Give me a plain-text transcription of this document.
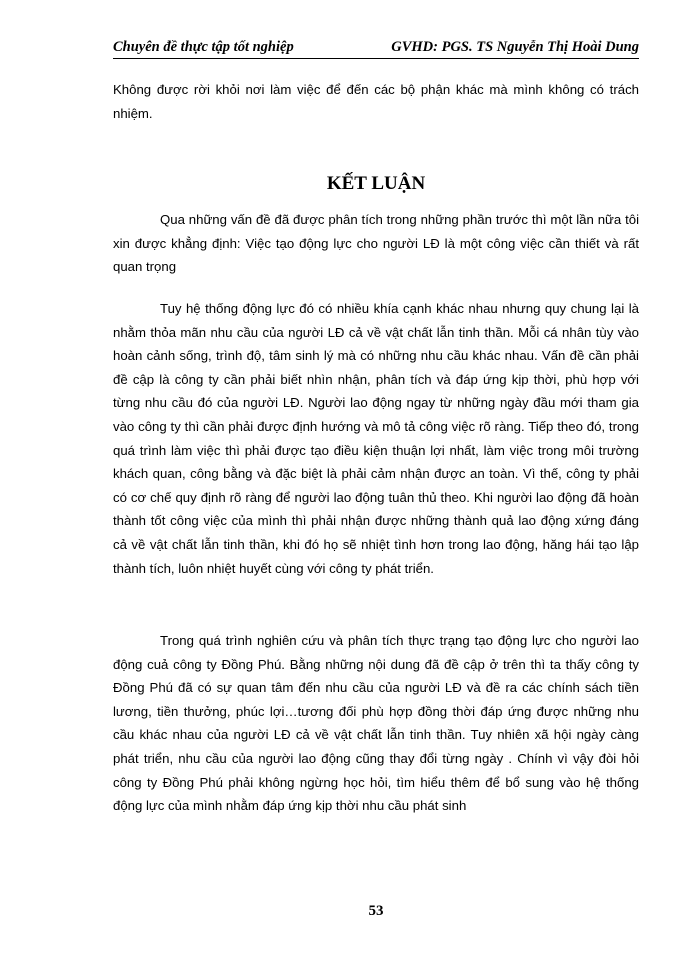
Chuyên đề thực tập tốt nghiệp	GVHD: PGS. TS Nguyễn Thị Hoài Dung

Không được rời khỏi nơi làm việc để đến các bộ phận khác mà mình không có trách nhiệm.

KẾT LUẬN

Qua những vấn đề đã được phân tích trong những phần trước thì một lần nữa tôi xin được khẳng định: Việc tạo động lực cho người LĐ là một công việc cần thiết và rất quan trọng

Tuy hệ thống động lực đó có nhiều khía cạnh khác nhau nhưng quy chung lại là nhằm thỏa mãn nhu cầu của người LĐ cả về vật chất lẫn tinh thần. Mỗi cá nhân tùy vào hoàn cảnh sống, trình độ, tâm sinh lý mà có những nhu cầu khác nhau. Vấn đề cần phải đề cập là công ty cần phải biết nhìn nhận, phân tích và đáp ứng kịp thời, phù hợp với từng nhu cầu đó của người LĐ. Người lao động ngay từ những ngày đầu mới tham gia vào công ty thì cần phải được định hướng và mô tả công việc rõ ràng. Tiếp theo đó, trong quá trình làm việc thì phải được tạo điều kiện thuận lợi nhất, làm việc trong môi trường khách quan, công bằng và đặc biệt là phải cảm nhận được an toàn. Vì thế, công ty phải có cơ chế quy định rõ ràng để người lao động tuân thủ theo. Khi người lao động đã hoàn thành tốt công việc của mình thì phải nhận được những thành quả lao động xứng đáng cả về vật chất lẫn tinh thần, khi đó họ sẽ nhiệt tình hơn trong lao động, hăng hái tạo lập thành tích, luôn nhiệt huyết cùng với công ty phát triển.

Trong quá trình nghiên cứu và phân tích thực trạng tạo động lực cho người lao động cuả công ty Đồng Phú. Bằng những nội dung đã đề cập ở trên thì ta thấy công ty Đồng Phú đã có sự quan tâm đến nhu cầu của người LĐ và đề ra các chính sách tiền lương, tiền thưởng, phúc lợi…tương đối phù hợp đồng thời đáp ứng được những nhu cầu khác nhau của người LĐ cả về vật chất lẫn tinh thần. Tuy nhiên xã hội ngày càng phát triển, nhu cầu của người lao động cũng thay đổi từng ngày . Chính vì vậy đòi hỏi công ty Đồng Phú phải không ngừng học hỏi, tìm hiểu thêm để bổ sung vào hệ thống động lực của mình nhằm đáp ứng kịp thời nhu cầu phát sinh

53
